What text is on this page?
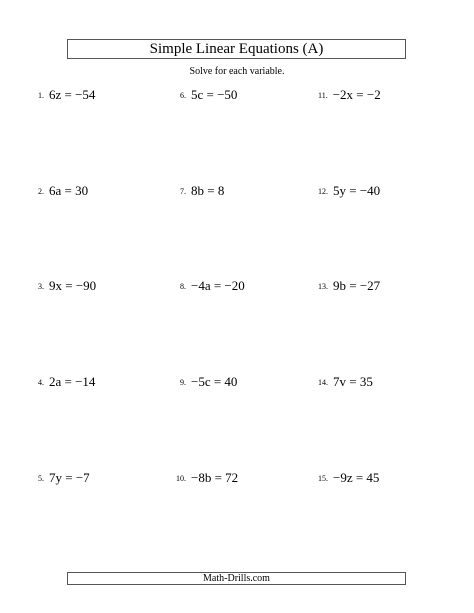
Simple Linear Equations (A)
Solve for each variable.
1. 6z = −54
2. 6a = 30
3. 9x = −90
4. 2a = −14
5. 7y = −7
6. 5c = −50
7. 8b = 8
8. −4a = −20
9. −5c = 40
10. −8b = 72
11. −2x = −2
12. 5y = −40
13. 9b = −27
14. 7v = 35
15. −9z = 45
Math-Drills.com
